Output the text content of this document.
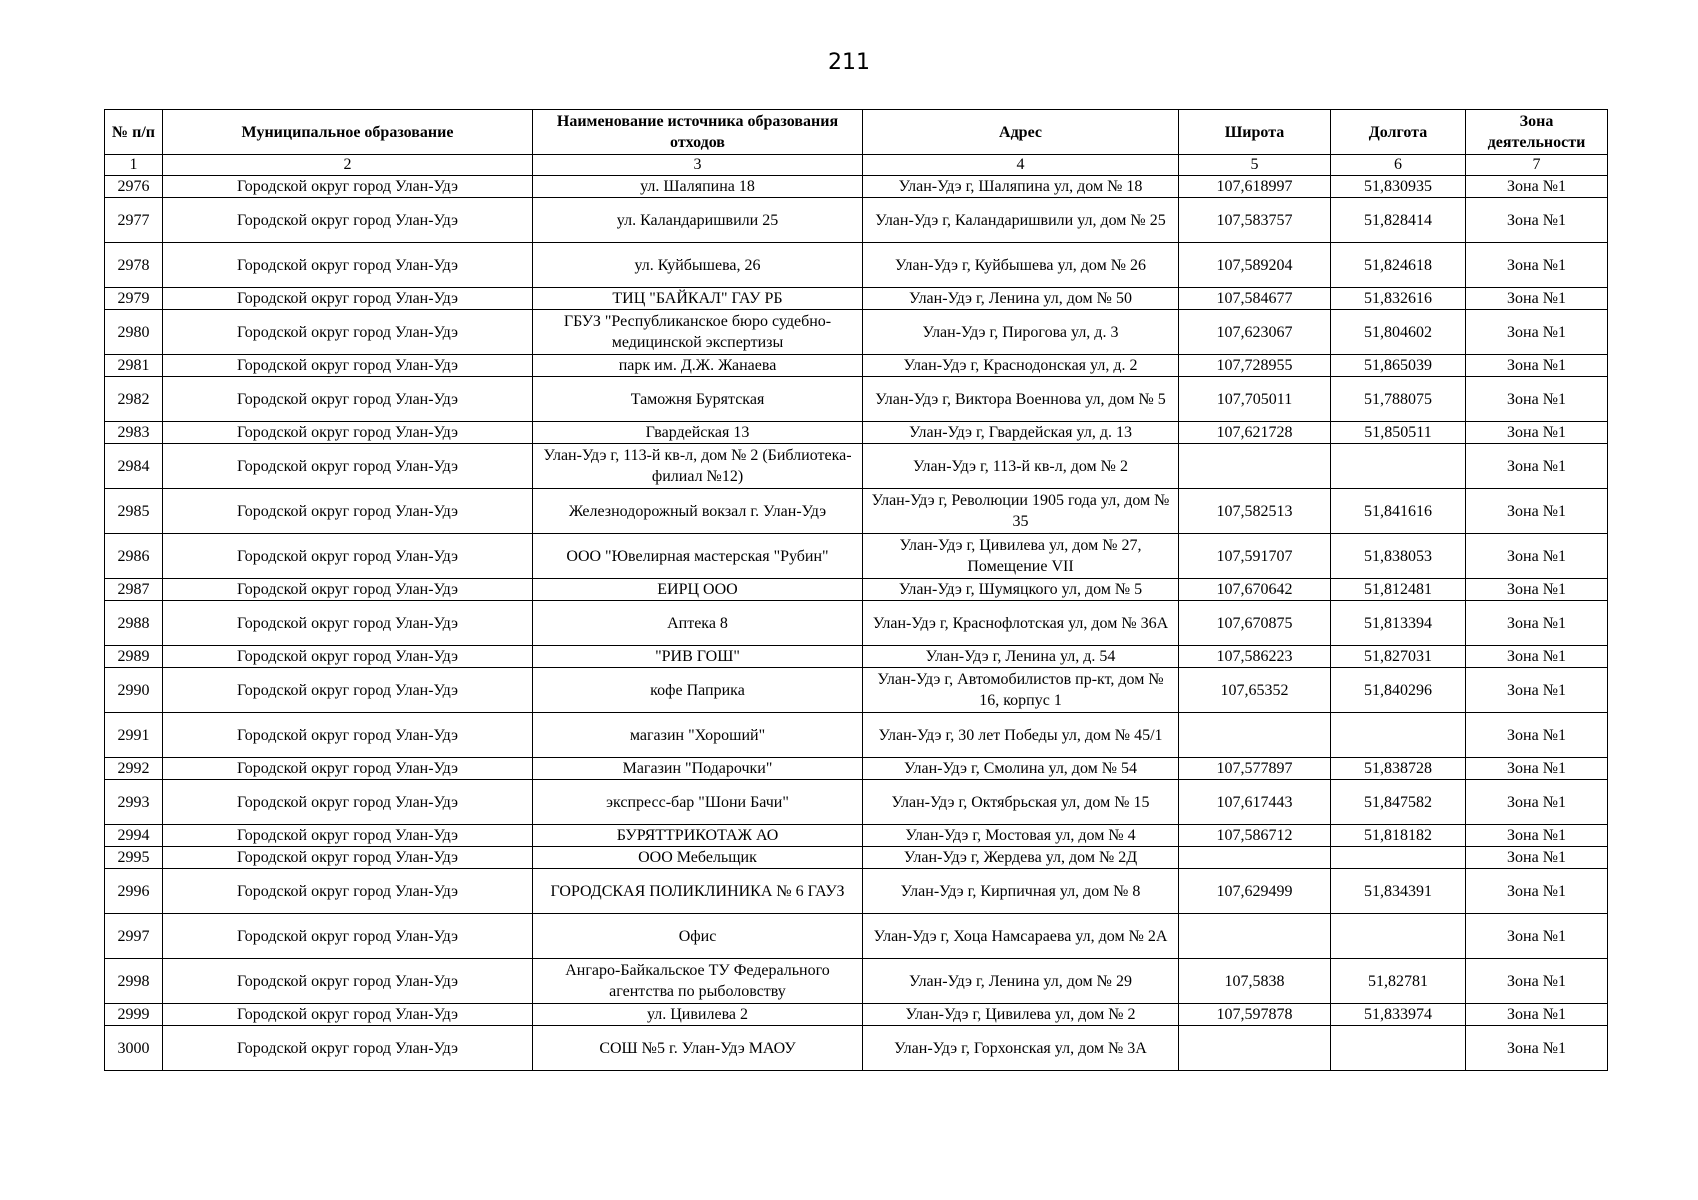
211
№ п/п	Муниципальное образование	Наименование источника образования отходов	Адрес	Широта	Долгота	Зона деятельности
1	2	3	4	5	6	7
2976	Городской округ город Улан-Удэ	ул. Шаляпина 18	Улан-Удэ г, Шаляпина ул, дом № 18	107,618997	51,830935	Зона №1
2977	Городской округ город Улан-Удэ	ул. Каландаришвили 25	Улан-Удэ г, Каландаришвили ул, дом № 25	107,583757	51,828414	Зона №1
2978	Городской округ город Улан-Удэ	ул. Куйбышева, 26	Улан-Удэ г, Куйбышева ул, дом № 26	107,589204	51,824618	Зона №1
2979	Городской округ город Улан-Удэ	ТИЦ "БАЙКАЛ" ГАУ РБ	Улан-Удэ г, Ленина ул, дом № 50	107,584677	51,832616	Зона №1
2980	Городской округ город Улан-Удэ	ГБУЗ "Республиканское бюро судебно-медицинской экспертизы	Улан-Удэ г, Пирогова ул, д. 3	107,623067	51,804602	Зона №1
2981	Городской округ город Улан-Удэ	парк им. Д.Ж. Жанаева	Улан-Удэ г, Краснодонская ул, д. 2	107,728955	51,865039	Зона №1
2982	Городской округ город Улан-Удэ	Таможня Бурятская	Улан-Удэ г, Виктора Военнова ул, дом № 5	107,705011	51,788075	Зона №1
2983	Городской округ город Улан-Удэ	Гвардейская 13	Улан-Удэ г, Гвардейская ул, д. 13	107,621728	51,850511	Зона №1
2984	Городской округ город Улан-Удэ	Улан-Удэ г, 113-й кв-л, дом № 2 (Библиотека-филиал №12)	Улан-Удэ г, 113-й кв-л, дом № 2			Зона №1
2985	Городской округ город Улан-Удэ	Железнодорожный вокзал г. Улан-Удэ	Улан-Удэ г, Революции 1905 года ул, дом № 35	107,582513	51,841616	Зона №1
2986	Городской округ город Улан-Удэ	ООО "Ювелирная мастерская "Рубин"	Улан-Удэ г, Цивилева ул, дом № 27, Помещение VII	107,591707	51,838053	Зона №1
2987	Городской округ город Улан-Удэ	ЕИРЦ ООО	Улан-Удэ г, Шумяцкого ул, дом № 5	107,670642	51,812481	Зона №1
2988	Городской округ город Улан-Удэ	Аптека 8	Улан-Удэ г, Краснофлотская ул, дом № 36А	107,670875	51,813394	Зона №1
2989	Городской округ город Улан-Удэ	"РИВ ГОШ"	Улан-Удэ г, Ленина ул, д. 54	107,586223	51,827031	Зона №1
2990	Городской округ город Улан-Удэ	кофе Паприка	Улан-Удэ г, Автомобилистов пр-кт, дом № 16, корпус 1	107,65352	51,840296	Зона №1
2991	Городской округ город Улан-Удэ	магазин "Хороший"	Улан-Удэ г, 30 лет Победы ул, дом № 45/1			Зона №1
2992	Городской округ город Улан-Удэ	Магазин "Подарочки"	Улан-Удэ г, Смолина ул, дом № 54	107,577897	51,838728	Зона №1
2993	Городской округ город Улан-Удэ	экспресс-бар "Шони Бачи"	Улан-Удэ г, Октябрьская ул, дом № 15	107,617443	51,847582	Зона №1
2994	Городской округ город Улан-Удэ	БУРЯТТРИКОТАЖ АО	Улан-Удэ г, Мостовая ул, дом № 4	107,586712	51,818182	Зона №1
2995	Городской округ город Улан-Удэ	ООО Мебельщик	Улан-Удэ г, Жердева ул, дом № 2Д			Зона №1
2996	Городской округ город Улан-Удэ	ГОРОДСКАЯ ПОЛИКЛИНИКА № 6 ГАУЗ	Улан-Удэ г, Кирпичная ул, дом № 8	107,629499	51,834391	Зона №1
2997	Городской округ город Улан-Удэ	Офис	Улан-Удэ г, Хоца Намсараева ул, дом № 2А			Зона №1
2998	Городской округ город Улан-Удэ	Ангаро-Байкальское ТУ Федерального агентства по рыболовству	Улан-Удэ г, Ленина ул, дом № 29	107,5838	51,82781	Зона №1
2999	Городской округ город Улан-Удэ	ул. Цивилева 2	Улан-Удэ г, Цивилева ул, дом № 2	107,597878	51,833974	Зона №1
3000	Городской округ город Улан-Удэ	СОШ №5 г. Улан-Удэ МАОУ	Улан-Удэ г, Горхонская ул, дом № 3А			Зона №1
